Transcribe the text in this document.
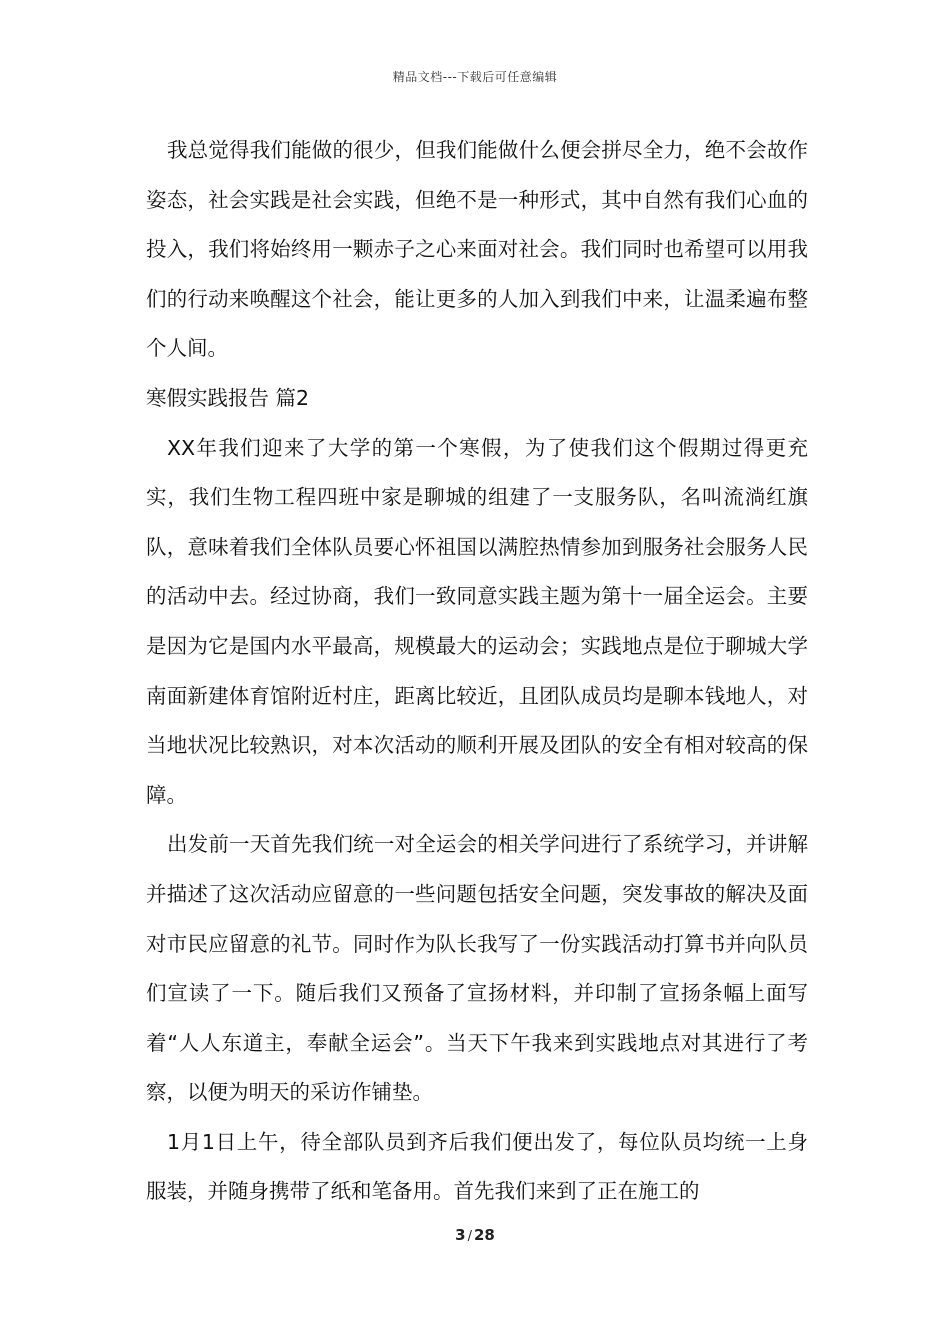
精品文档---下载后可任意编辑

我总觉得我们能做的很少，但我们能做什么便会拼尽全力，绝不会故作姿态，社会实践是社会实践，但绝不是一种形式，其中自然有我们心血的投入，我们将始终用一颗赤子之心来面对社会。我们同时也希望可以用我们的行动来唤醒这个社会，能让更多的人加入到我们中来，让温柔遍布整个人间。

寒假实践报告 篇2

XX年我们迎来了大学的第一个寒假，为了使我们这个假期过得更充实，我们生物工程四班中家是聊城的组建了一支服务队，名叫流淌红旗队，意味着我们全体队员要心怀祖国以满腔热情参加到服务社会服务人民的活动中去。经过协商，我们一致同意实践主题为第十一届全运会。主要是因为它是国内水平最高，规模最大的运动会；实践地点是位于聊城大学南面新建体育馆附近村庄，距离比较近，且团队成员均是聊本钱地人，对当地状况比较熟识，对本次活动的顺利开展及团队的安全有相对较高的保障。

出发前一天首先我们统一对全运会的相关学问进行了系统学习，并讲解并描述了这次活动应留意的一些问题包括安全问题，突发事故的解决及面对市民应留意的礼节。同时作为队长我写了一份实践活动打算书并向队员们宣读了一下。随后我们又预备了宣扬材料，并印制了宣扬条幅上面写着“人人东道主，奉献全运会”。当天下午我来到实践地点对其进行了考察，以便为明天的采访作铺垫。

1月1日上午，待全部队员到齐后我们便出发了，每位队员均统一上身服装，并随身携带了纸和笔备用。首先我们来到了正在施工的

3 / 28
